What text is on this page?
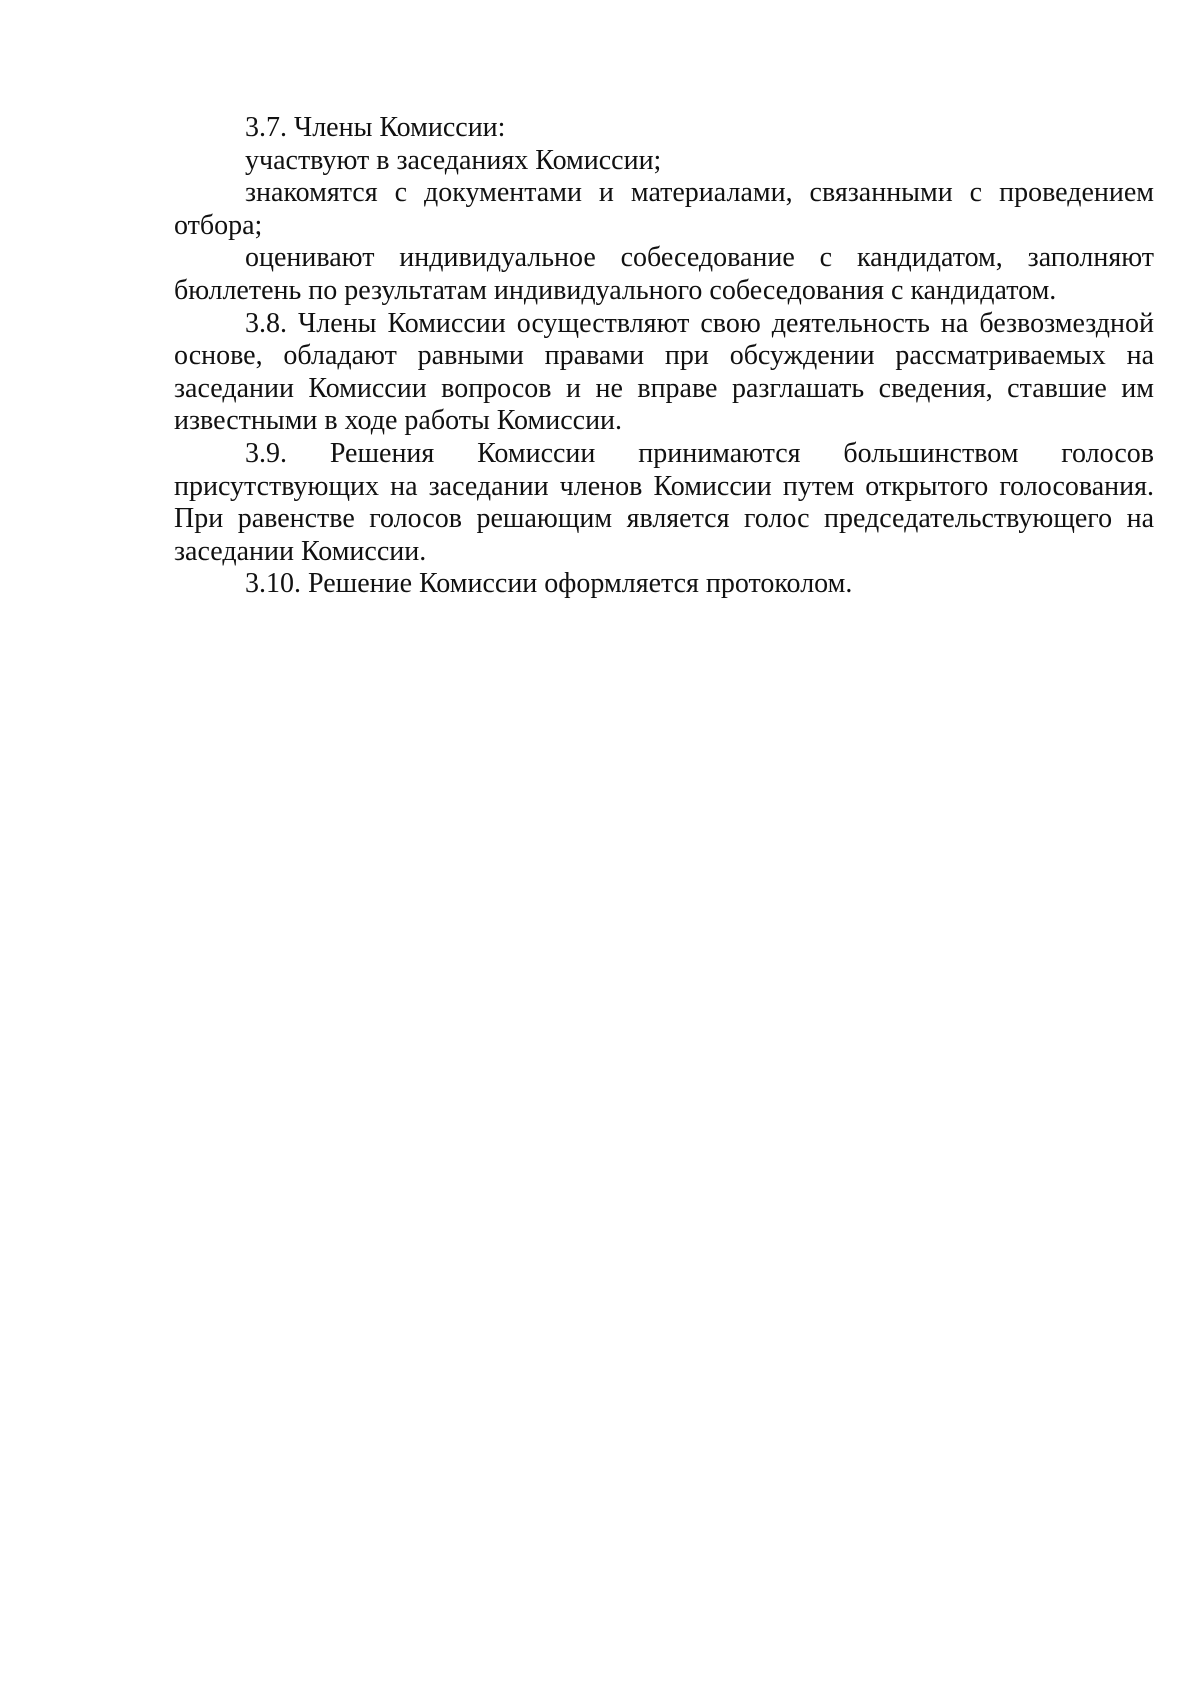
3.7. Члены Комиссии:

участвуют в заседаниях Комиссии;

знакомятся с документами и материалами, связанными с проведением отбора;

оценивают индивидуальное собеседование с кандидатом, заполняют бюллетень по результатам индивидуального собеседования с кандидатом.

3.8. Члены Комиссии осуществляют свою деятельность на безвозмездной основе, обладают равными правами при обсуждении рассматриваемых на заседании Комиссии вопросов и не вправе разглашать сведения, ставшие им известными в ходе работы Комиссии.

3.9. Решения Комиссии принимаются большинством голосов присутствующих на заседании членов Комиссии путем открытого голосования. При равенстве голосов решающим является голос председательствующего на заседании Комиссии.

3.10. Решение Комиссии оформляется протоколом.
